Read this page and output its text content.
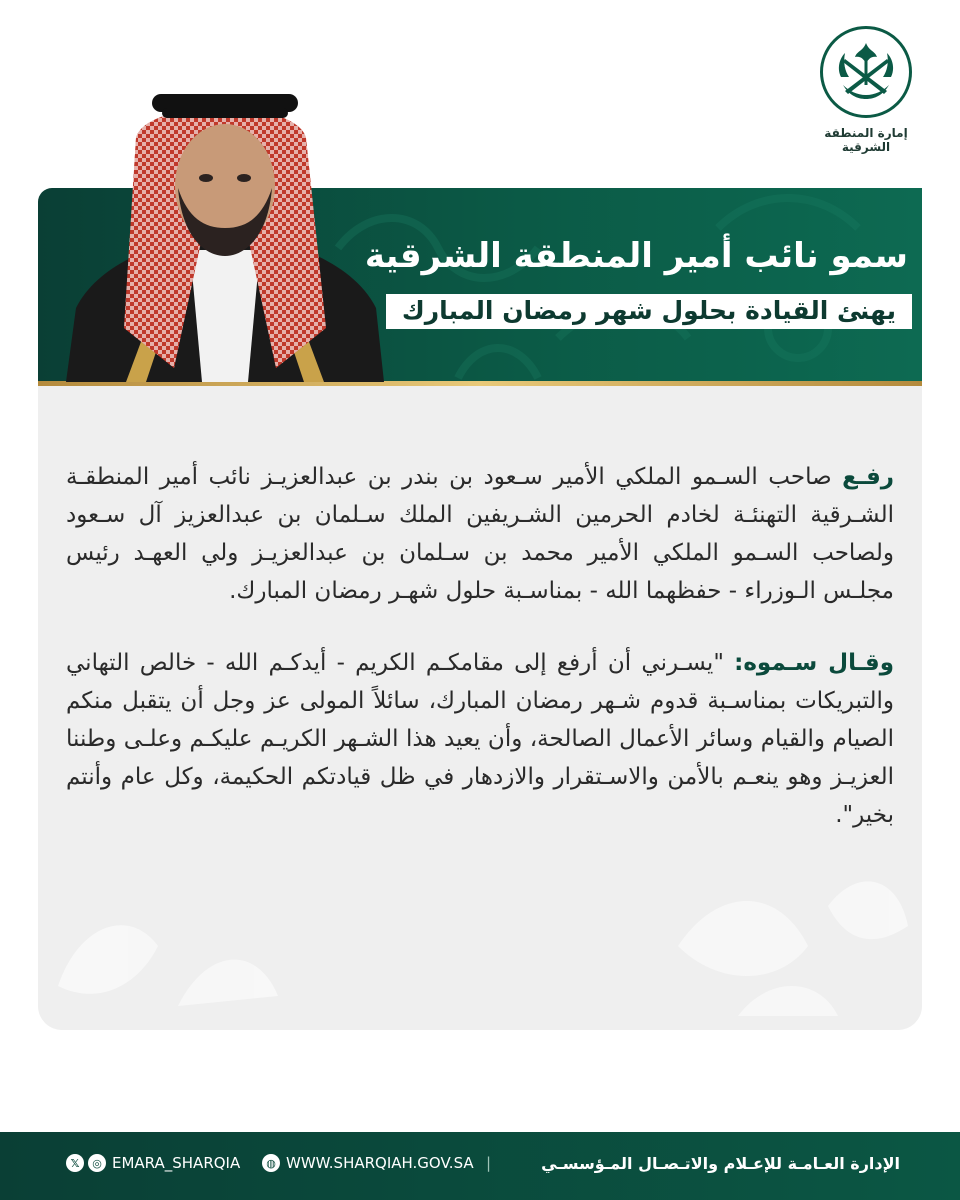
إمارة المنطقة الشرقية
سمو نائب أمير المنطقة الشرقية
يهنئ القيادة بحلول شهر رمضان المبارك

رفـع صاحب السـمو الملكي الأمير سـعود بن بندر بن عبدالعزيـز نائب أمير المنطقـة الشـرقية التهنئـة لخادم الحرمين الشـريفين الملك سـلمان بن عبدالعزيز آل سـعود ولصاحب السـمو الملكي الأمير محمد بن سـلمان بن عبدالعزيـز ولي العهـد رئيس مجلـس الـوزراء - حفظهما الله - بمناسـبة حلول شهـر رمضان المبارك.

وقـال سـموه: "يسـرني أن أرفع إلى مقامكـم الكريم - أيدكـم الله - خالص التهاني والتبريكات بمناسـبة قدوم شـهر رمضان المبارك، سائلاً المولى عز وجل أن يتقبل منكم الصيام والقيام وسائر الأعمال الصالحة، وأن يعيد هذا الشـهر الكريـم عليكـم وعلـى وطننا العزيـز وهو ينعـم بالأمن والاسـتقرار والازدهار في ظل قيادتكم الحكيمة، وكل عام وأنتم بخير".

الإدارة العـامـة للإعـلام والاتـصـال المـؤسسـي
|
◍ WWW.SHARQIAH.GOV.SA
𝕏	◎ EMARA_SHARQIA
